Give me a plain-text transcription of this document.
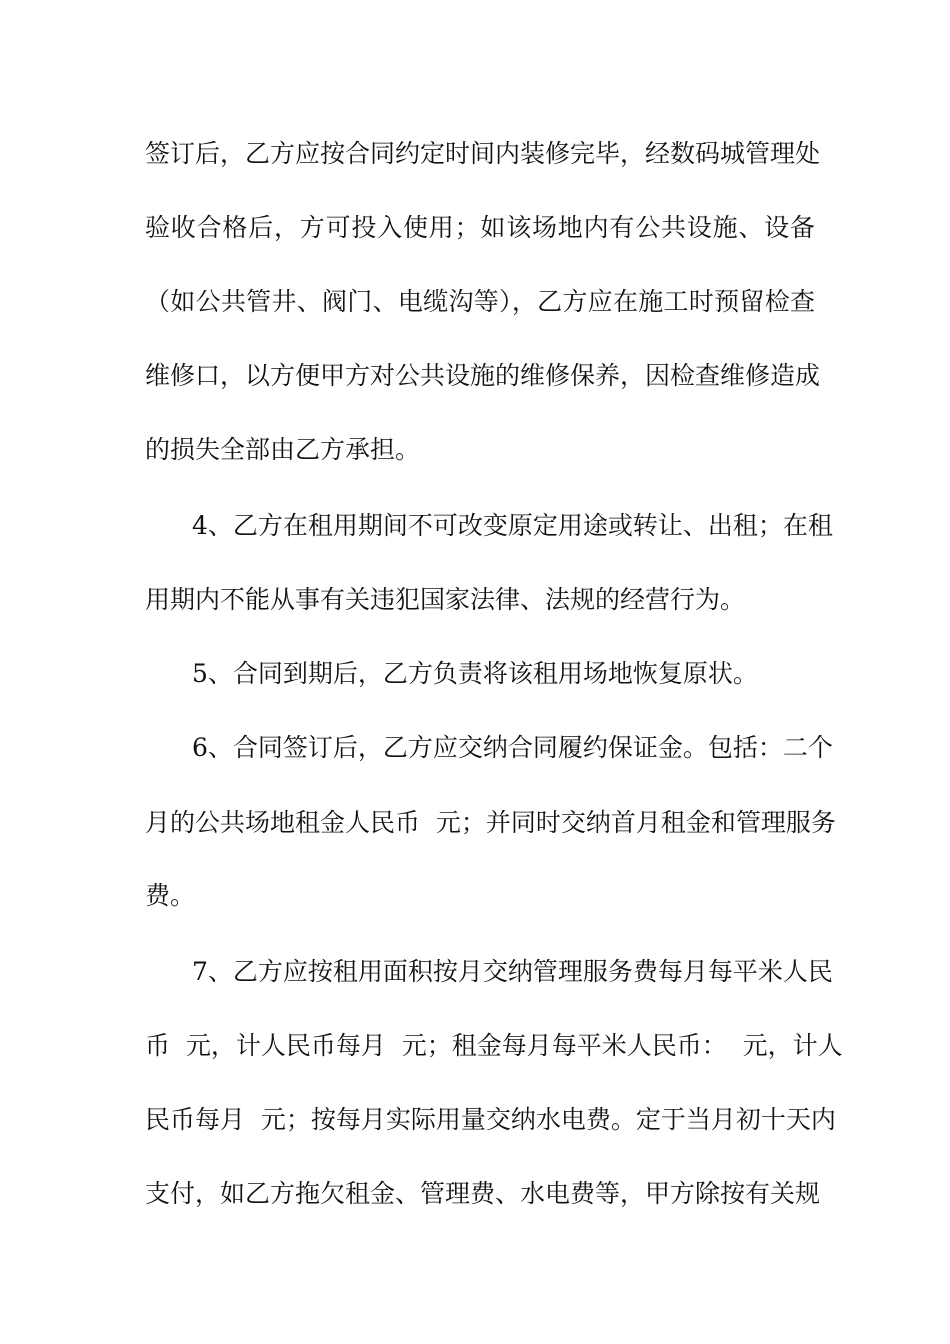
签订后，乙方应按合同约定时间内装修完毕，经数码城管理处
验收合格后，方可投入使用；如该场地内有公共设施、设备
（如公共管井、阀门、电缆沟等），乙方应在施工时预留检查
维修口，以方便甲方对公共设施的维修保养，因检查维修造成
的损失全部由乙方承担。
4、乙方在租用期间不可改变原定用途或转让、出租；在租
用期内不能从事有关违犯国家法律、法规的经营行为。
5、合同到期后，乙方负责将该租用场地恢复原状。
6、合同签订后，乙方应交纳合同履约保证金。包括：二个
月的公共场地租金人民币  元；并同时交纳首月租金和管理服务
费。
7、乙方应按租用面积按月交纳管理服务费每月每平米人民
币  元，计人民币每月  元；租金每月每平米人民币：  元，计人
民币每月  元；按每月实际用量交纳水电费。定于当月初十天内
支付，如乙方拖欠租金、管理费、水电费等，甲方除按有关规
